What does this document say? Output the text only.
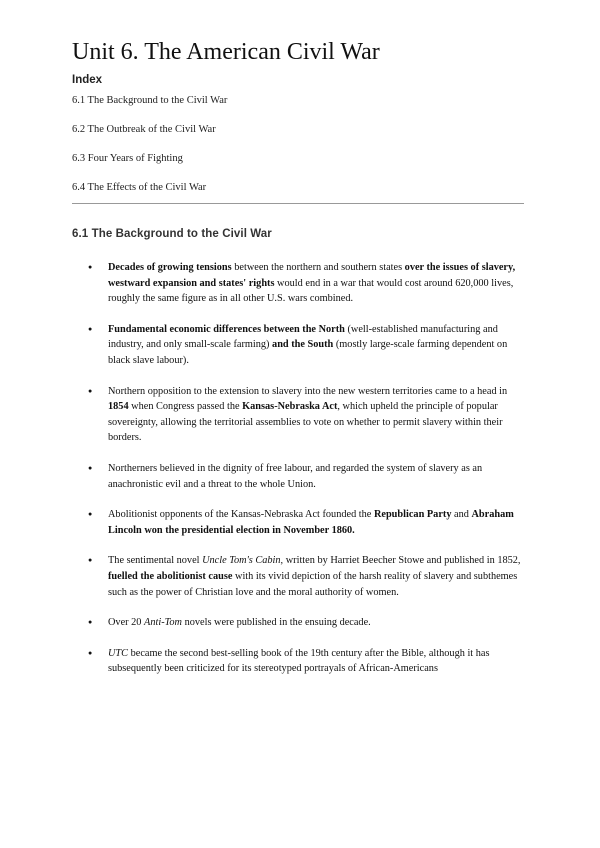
Unit 6. The American Civil War
Index
6.1 The Background to the Civil War
6.2 The Outbreak of the Civil War
6.3 Four Years of Fighting
6.4 The Effects of the Civil War
6.1 The Background to the Civil War
● Decades of growing tensions between the northern and southern states over the issues of slavery, westward expansion and states' rights would end in a war that would cost around 620,000 lives, roughly the same figure as in all other U.S. wars combined.
● Fundamental economic differences between the North (well-established manufacturing and industry, and only small-scale farming) and the South (mostly large-scale farming dependent on black slave labour).
● Northern opposition to the extension to slavery into the new western territories came to a head in 1854 when Congress passed the Kansas-Nebraska Act, which upheld the principle of popular sovereignty, allowing the territorial assemblies to vote on whether to permit slavery within their borders.
● Northerners believed in the dignity of free labour, and regarded the system of slavery as an anachronistic evil and a threat to the whole Union.
● Abolitionist opponents of the Kansas-Nebraska Act founded the Republican Party and Abraham Lincoln won the presidential election in November 1860.
● The sentimental novel Uncle Tom's Cabin, written by Harriet Beecher Stowe and published in 1852, fuelled the abolitionist cause with its vivid depiction of the harsh reality of slavery and subthemes such as the power of Christian love and the moral authority of women.
● Over 20 Anti-Tom novels were published in the ensuing decade.
● UTC became the second best-selling book of the 19th century after the Bible, although it has subsequently been criticized for its stereotyped portrayals of African-Americans
